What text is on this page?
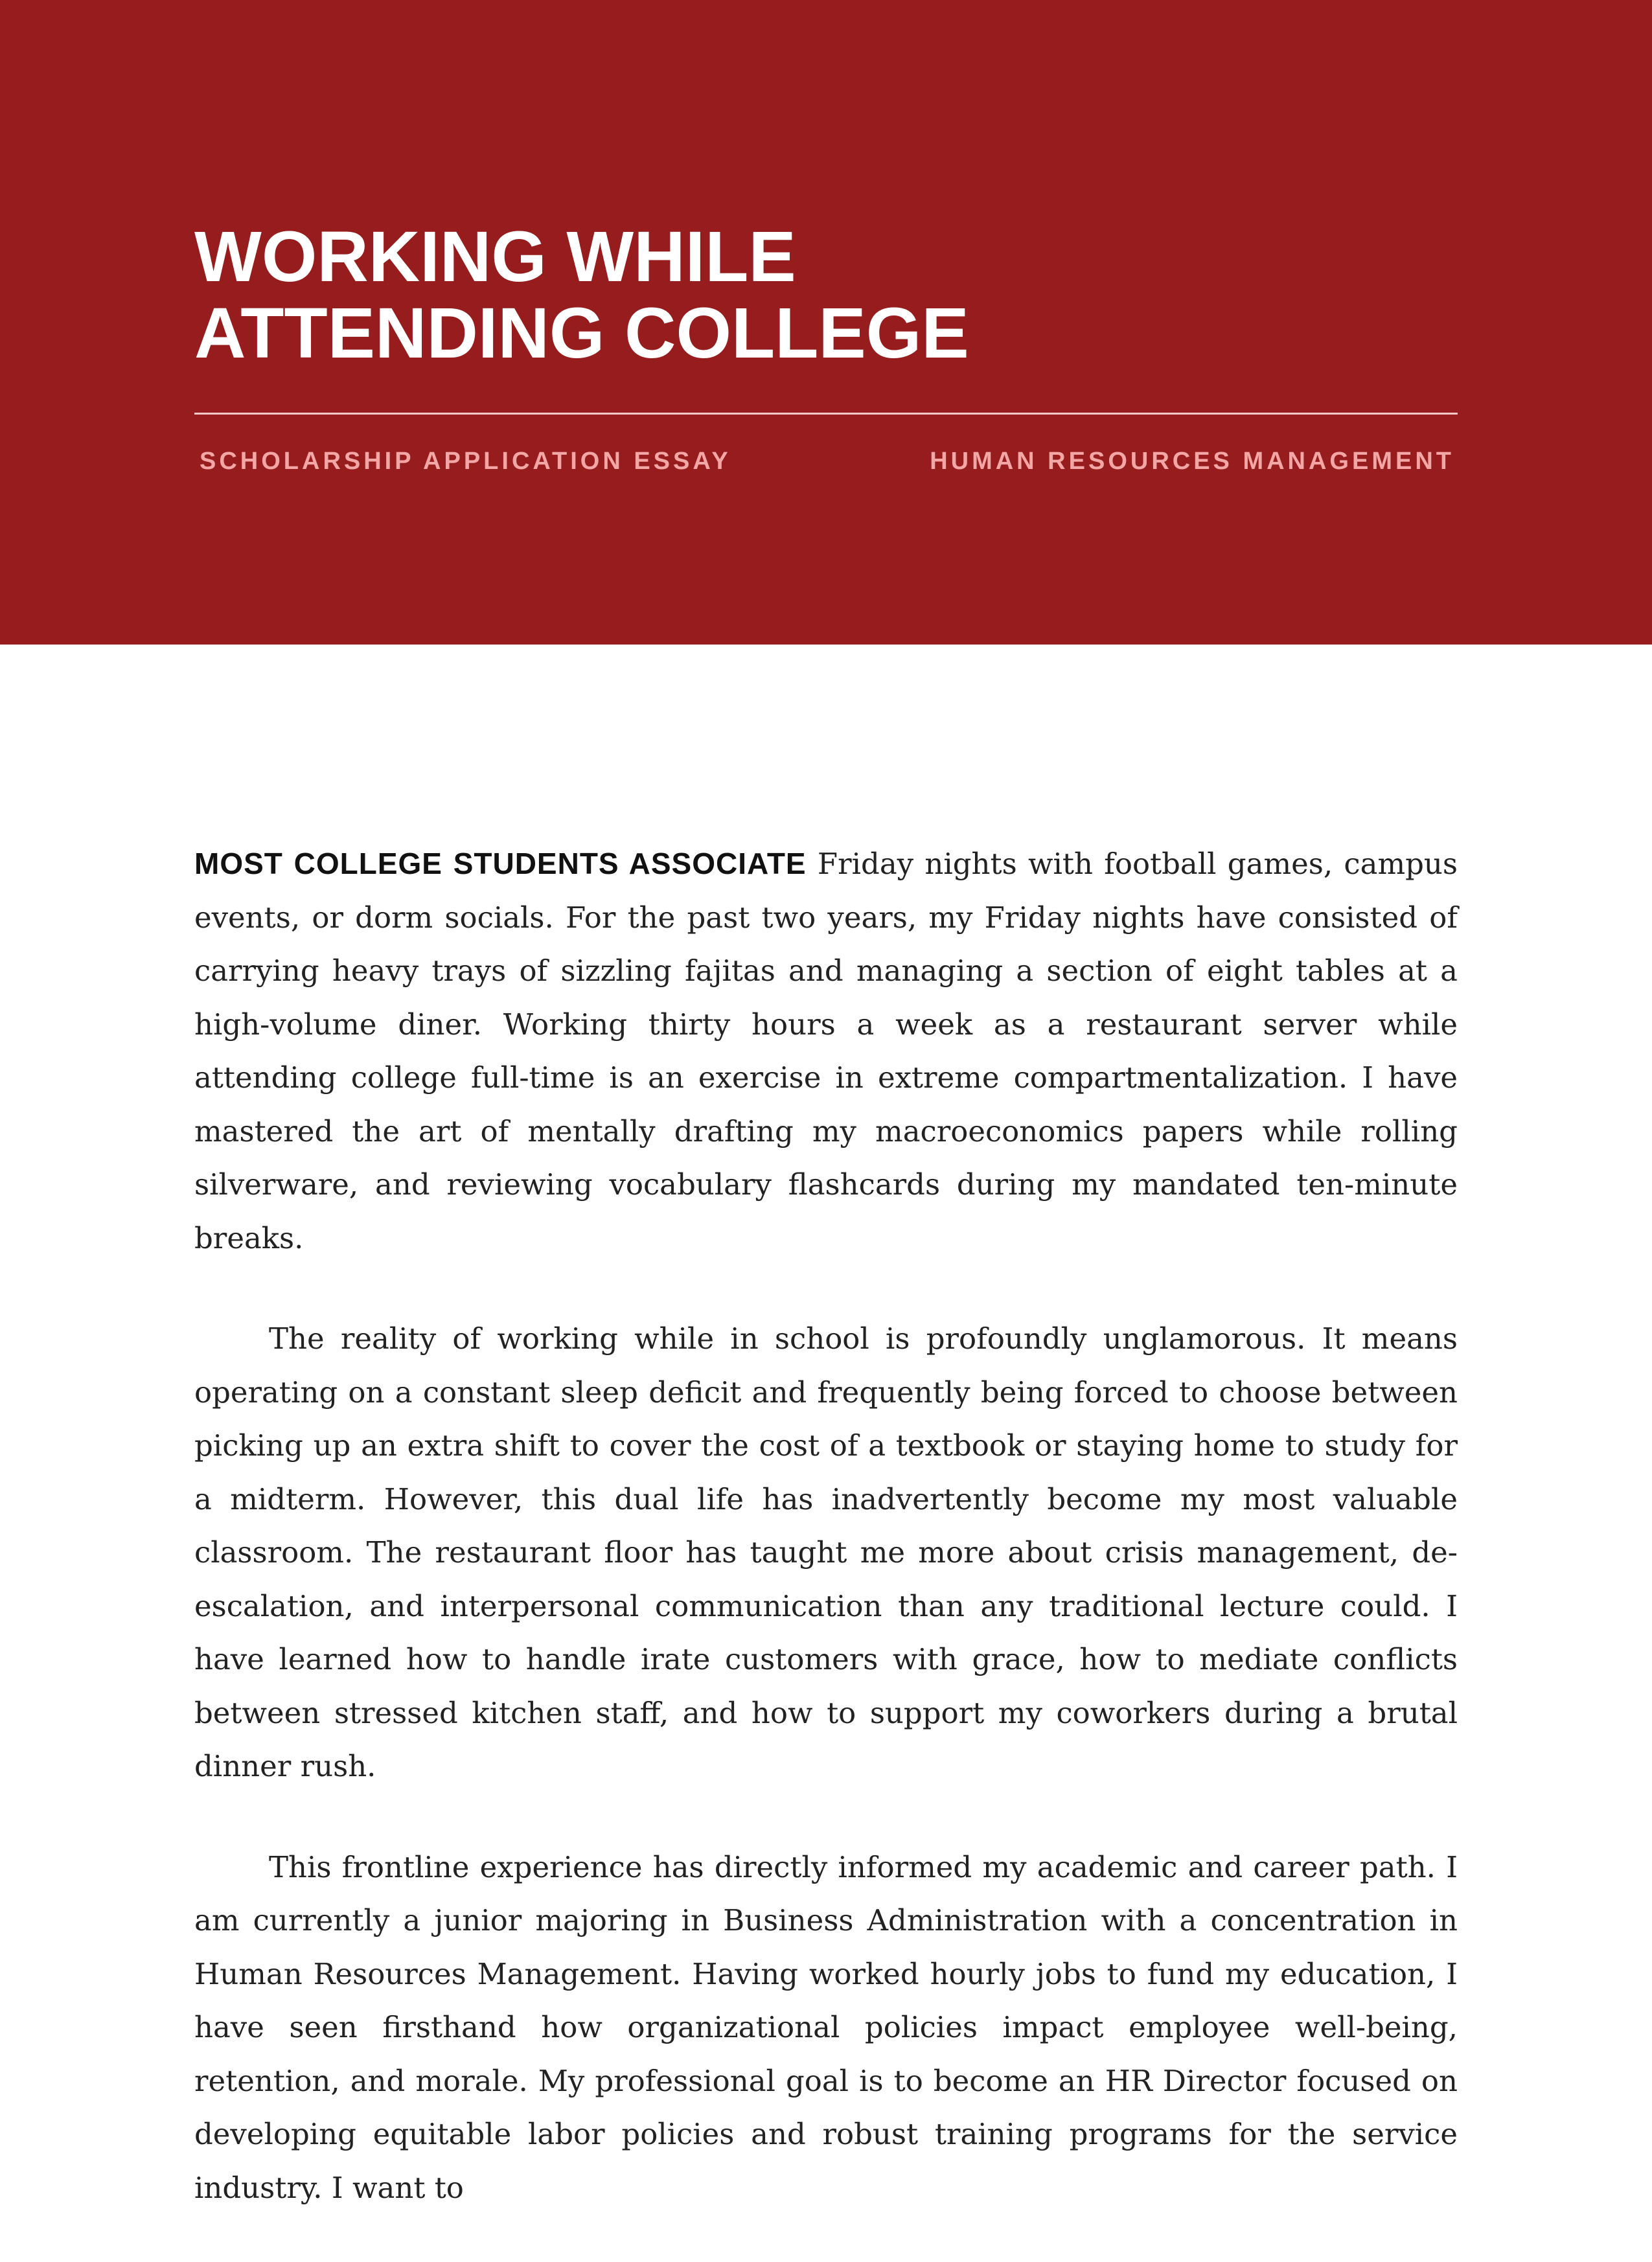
WORKING WHILE
ATTENDING COLLEGE
SCHOLARSHIP APPLICATION ESSAY	HUMAN RESOURCES MANAGEMENT

MOST COLLEGE STUDENTS ASSOCIATE Friday nights with football games, campus events, or dorm socials. For the past two years, my Friday nights have consisted of carrying heavy trays of sizzling fajitas and managing a section of eight tables at a high-volume diner. Working thirty hours a week as a restaurant server while attending college full-time is an exercise in extreme compartmentalization. I have mastered the art of mentally drafting my macroeconomics papers while rolling silverware, and reviewing vocabulary flashcards during my mandated ten-minute breaks.

The reality of working while in school is profoundly unglamorous. It means operating on a constant sleep deficit and frequently being forced to choose between picking up an extra shift to cover the cost of a textbook or staying home to study for a midterm. However, this dual life has inadvertently become my most valuable classroom. The restaurant floor has taught me more about crisis management, de-escalation, and interpersonal communication than any traditional lecture could. I have learned how to handle irate customers with grace, how to mediate conflicts between stressed kitchen staff, and how to support my coworkers during a brutal dinner rush.

This frontline experience has directly informed my academic and career path. I am currently a junior majoring in Business Administration with a concentration in Human Resources Management. Having worked hourly jobs to fund my education, I have seen firsthand how organizational policies impact employee well-being, retention, and morale. My professional goal is to become an HR Director focused on developing equitable labor policies and robust training programs for the service industry. I want to
